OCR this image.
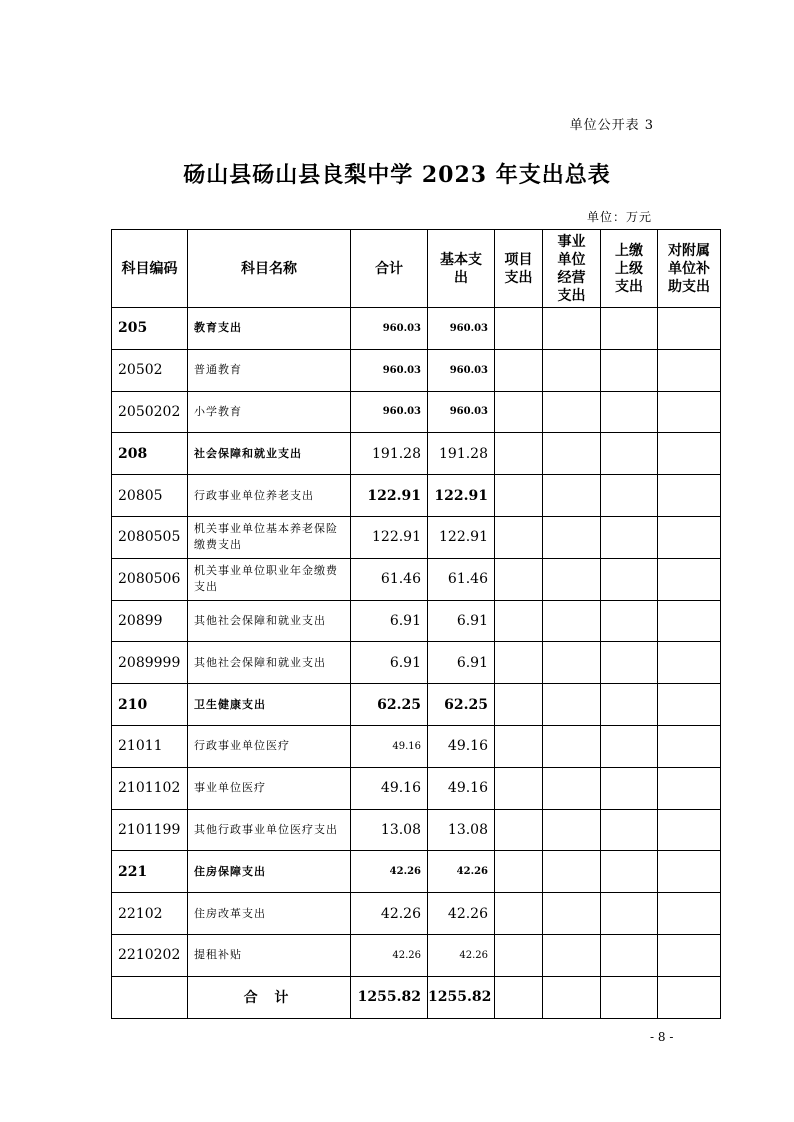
单位公开表 3
砀山县砀山县良梨中学 2023 年支出总表
单位：万元
科目编码	科目名称	合计	基本支出	项目支出	事业单位经营支出	上缴上级支出	对附属单位补助支出
205	教育支出	960.03	960.03				
20502	普通教育	960.03	960.03				
2050202	小学教育	960.03	960.03				
208	社会保障和就业支出	191.28	191.28				
20805	行政事业单位养老支出	122.91	122.91				
2080505	机关事业单位基本养老保险缴费支出	122.91	122.91				
2080506	机关事业单位职业年金缴费支出	61.46	61.46				
20899	其他社会保障和就业支出	6.91	6.91				
2089999	其他社会保障和就业支出	6.91	6.91				
210	卫生健康支出	62.25	62.25				
21011	行政事业单位医疗	49.16	49.16				
2101102	事业单位医疗	49.16	49.16				
2101199	其他行政事业单位医疗支出	13.08	13.08				
221	住房保障支出	42.26	42.26				
22102	住房改革支出	42.26	42.26				
2210202	提租补贴	42.26	42.26				
	合 计	1255.82	1255.82				
- 8 -
